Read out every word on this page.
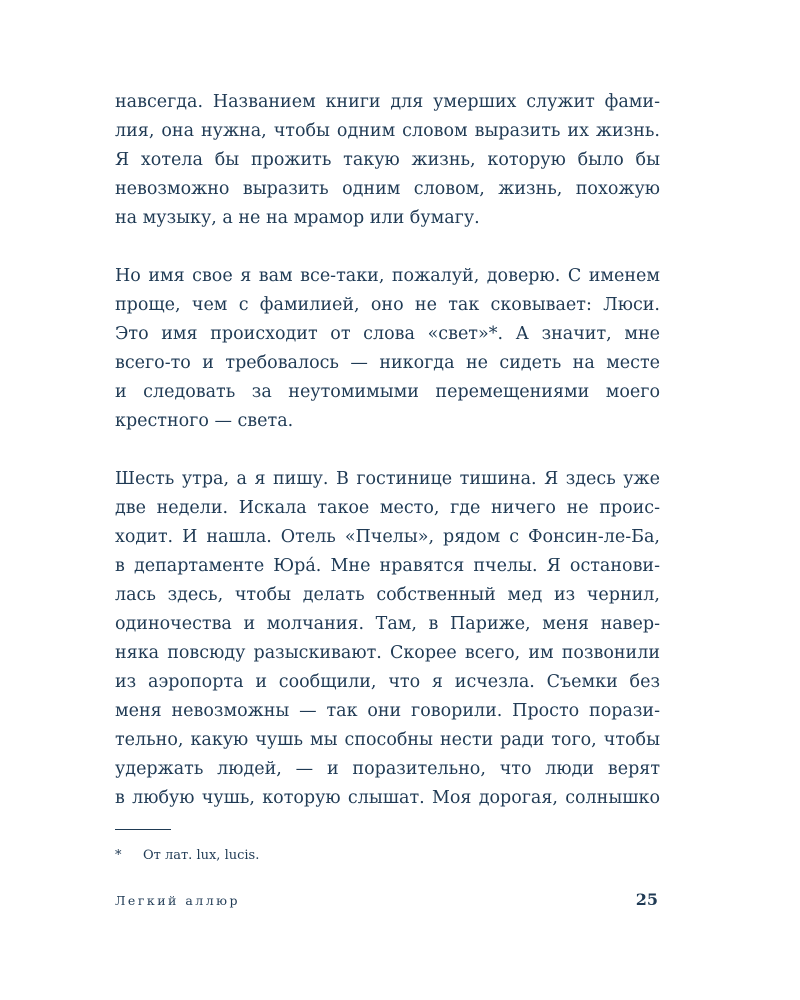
навсегда. Названием книги для умерших служит фами-
лия, она нужна, чтобы одним словом выразить их жизнь.
Я хотела бы прожить такую жизнь, которую было бы
невозможно выразить одним словом, жизнь, похожую
на музыку, а не на мрамор или бумагу.
Но имя свое я вам все-таки, пожалуй, доверю. С именем
проще, чем с фамилией, оно не так сковывает: Люси.
Это имя происходит от слова «свет»*. А значит, мне
всего-то и требовалось — никогда не сидеть на месте
и следовать за неутомимыми перемещениями моего
крестного — света.
Шесть утра, а я пишу. В гостинице тишина. Я здесь уже
две недели. Искала такое место, где ничего не проис-
ходит. И нашла. Отель «Пчелы», рядом с Фонсин-ле-Ба,
в департаменте Юра́. Мне нравятся пчелы. Я останови-
лась здесь, чтобы делать собственный мед из чернил,
одиночества и молчания. Там, в Париже, меня навер-
няка повсюду разыскивают. Скорее всего, им позвонили
из аэропорта и сообщили, что я исчезла. Съемки без
меня невозможны — так они говорили. Просто порази-
тельно, какую чушь мы способны нести ради того, чтобы
удержать людей, — и поразительно, что люди верят
в любую чушь, которую слышат. Моя дорогая, солнышко
* От лат. lux, lucis.
Легкий аллюр	25
